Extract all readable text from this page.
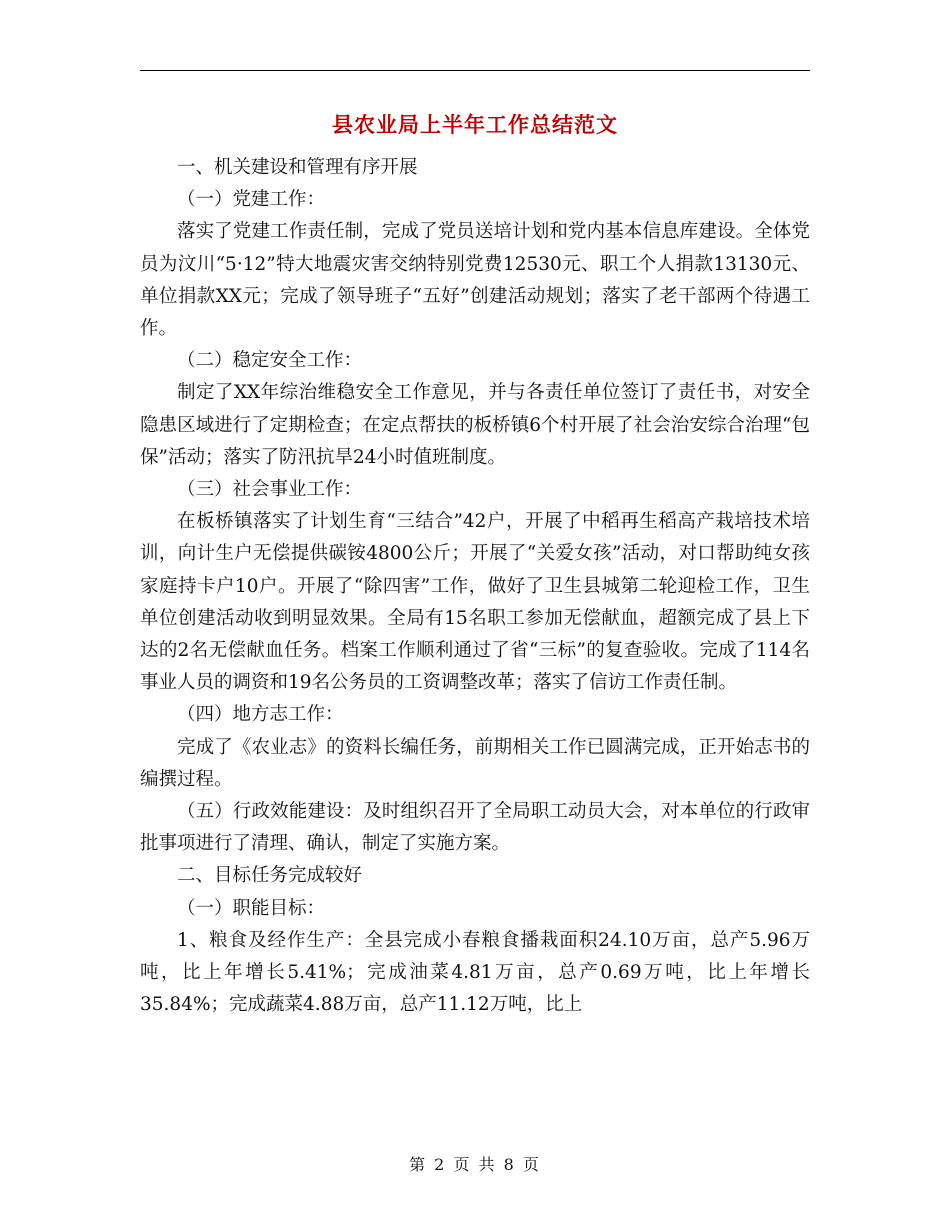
县农业局上半年工作总结范文

一、机关建设和管理有序开展

（一）党建工作：

落实了党建工作责任制，完成了党员送培计划和党内基本信息库建设。全体党员为汶川“5·12”特大地震灾害交纳特别党费12530元、职工个人捐款13130元、单位捐款XX元；完成了领导班子“五好”创建活动规划；落实了老干部两个待遇工作。

（二）稳定安全工作：

制定了XX年综治维稳安全工作意见，并与各责任单位签订了责任书，对安全隐患区域进行了定期检查；在定点帮扶的板桥镇6个村开展了社会治安综合治理“包保”活动；落实了防汛抗旱24小时值班制度。

（三）社会事业工作：

在板桥镇落实了计划生育“三结合”42户，开展了中稻再生稻高产栽培技术培训，向计生户无偿提供碳铵4800公斤；开展了“关爱女孩”活动，对口帮助纯女孩家庭持卡户10户。开展了“除四害”工作，做好了卫生县城第二轮迎检工作，卫生单位创建活动收到明显效果。全局有15名职工参加无偿献血，超额完成了县上下达的2名无偿献血任务。档案工作顺利通过了省“三标”的复查验收。完成了114名事业人员的调资和19名公务员的工资调整改革；落实了信访工作责任制。

（四）地方志工作：

完成了《农业志》的资料长编任务，前期相关工作已圆满完成，正开始志书的编撰过程。

（五）行政效能建设：及时组织召开了全局职工动员大会，对本单位的行政审批事项进行了清理、确认，制定了实施方案。

二、目标任务完成较好

（一）职能目标：

1、粮食及经作生产：全县完成小春粮食播栽面积24.10万亩，总产5.96万吨，比上年增长5.41%；完成油菜4.81万亩，总产0.69万吨，比上年增长35.84%；完成蔬菜4.88万亩，总产11.12万吨，比上

第 2 页 共 8 页
